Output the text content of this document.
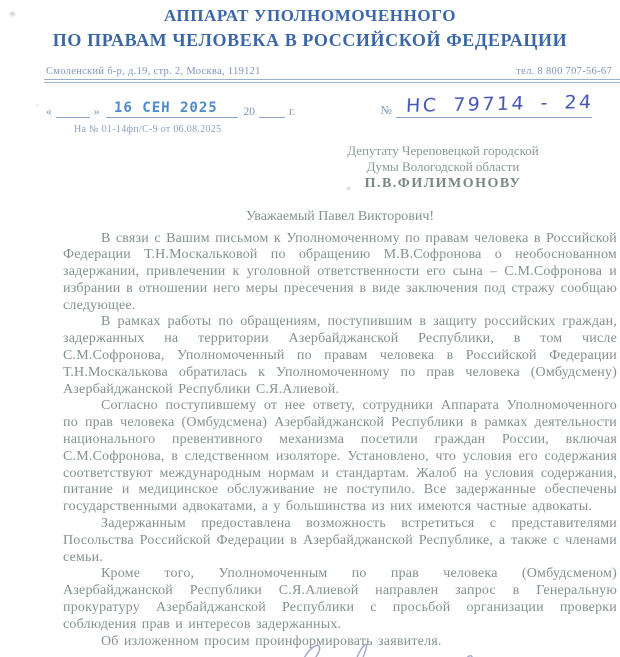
АППАРАТ УПОЛНОМОЧЕННОГО
ПО ПРАВАМ ЧЕЛОВЕКА В РОССИЙСКОЙ ФЕДЕРАЦИИ
Смоленский б-р, д.19, стр. 2, Москва, 119121	тел. 8 800 707-56-67
«	» 16 СЕН 2025 20	г.	№ НС 79714 - 24
На № 01-14фп/С-9 от 06.08.2025
Депутату Череповецкой городской
Думы Вологодской области
П.В.ФИЛИМОНОВУ
Уважаемый Павел Викторович!

В связи с Вашим письмом к Уполномоченному по правам человека в Российской Федерации Т.Н.Москальковой по обращению М.В.Софронова о необоснованном задержании, привлечении к уголовной ответственности его сына – С.М.Софронова и избрании в отношении него меры пресечения в виде заключения под стражу сообщаю следующее.

В рамках работы по обращениям, поступившим в защиту российских граждан, задержанных на территории Азербайджанской Республики, в том числе С.М.Софронова, Уполномоченный по правам человека в Российской Федерации Т.Н.Москалькова обратилась к Уполномоченному по прав человека (Омбудсмену) Азербайджанской Республики С.Я.Алиевой.

Согласно поступившему от нее ответу, сотрудники Аппарата Уполномоченного по прав человека (Омбудсмена) Азербайджанской Республики в рамках деятельности национального превентивного механизма посетили граждан России, включая С.М.Софронова, в следственном изоляторе. Установлено, что условия его содержания соответствуют международным нормам и стандартам. Жалоб на условия содержания, питание и медицинское обслуживание не поступило. Все задержанные обеспечены государственными адвокатами, а у большинства из них имеются частные адвокаты.

Задержанным предоставлена возможность встретиться с представителями Посольства Российской Федерации в Азербайджанской Республике, а также с членами семьи.

Кроме того, Уполномоченным по прав человека (Омбудсменом) Азербайджанской Республики С.Я.Алиевой направлен запрос в Генеральную прокуратуру Азербайджанской Республики с просьбой организации проверки соблюдения прав и интересов задержанных.

Об изложенном просим проинформировать заявителя.
